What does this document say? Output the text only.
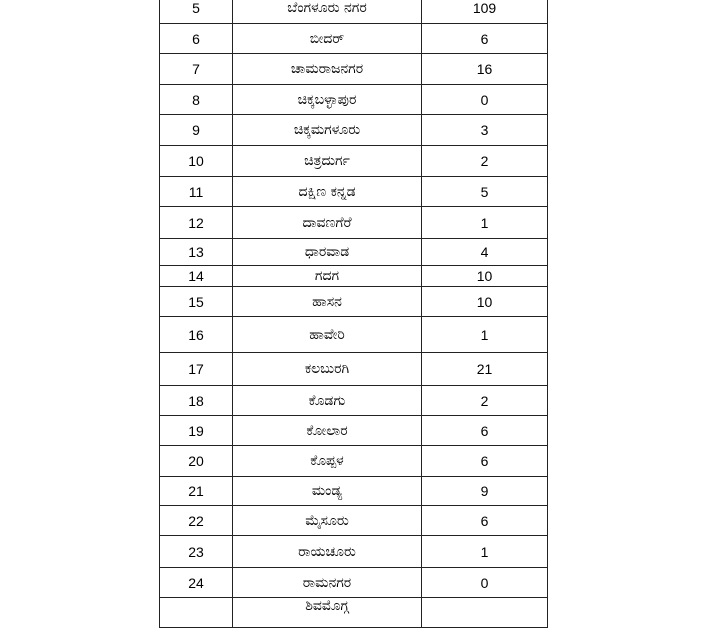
5	ಬೆಂಗಳೂರು ನಗರ	109
6	ಬೀದರ್	6
7	ಚಾಮರಾಜನಗರ	16
8	ಚಿಕ್ಕಬಳ್ಳಾಪುರ	0
9	ಚಿಕ್ಕಮಗಳೂರು	3
10	ಚಿತ್ರದುರ್ಗ	2
11	ದಕ್ಷಿಣ ಕನ್ನಡ	5
12	ದಾವಣಗೆರೆ	1
13	ಧಾರವಾಡ	4
14	ಗದಗ	10
15	ಹಾಸನ	10
16	ಹಾವೇರಿ	1
17	ಕಲಬುರಗಿ	21
18	ಕೊಡಗು	2
19	ಕೋಲಾರ	6
20	ಕೊಪ್ಪಳ	6
21	ಮಂಡ್ಯ	9
22	ಮೈಸೂರು	6
23	ರಾಯಚೂರು	1
24	ರಾಮನಗರ	0
	ಶಿವಮೊಗ್ಗ	
